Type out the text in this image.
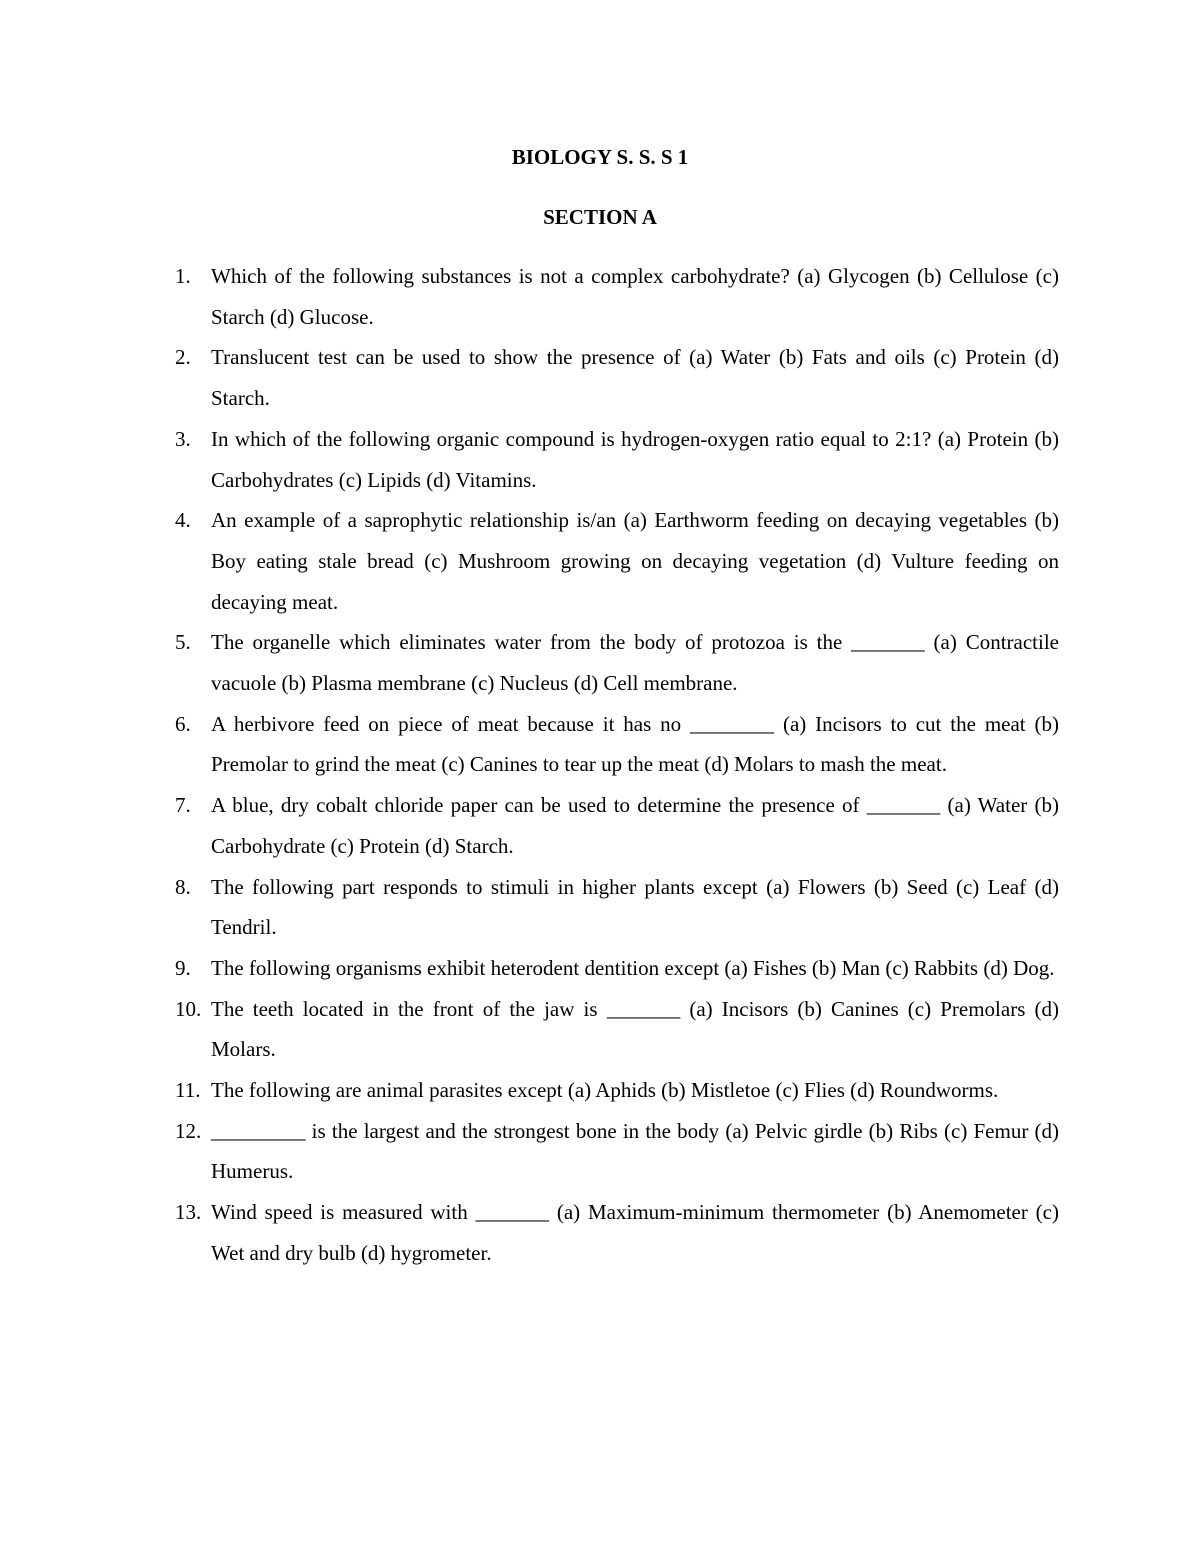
BIOLOGY S. S. S 1
SECTION A
1. Which of the following substances is not a complex carbohydrate? (a) Glycogen (b) Cellulose (c) Starch (d) Glucose.
2. Translucent test can be used to show the presence of (a) Water (b) Fats and oils (c) Protein (d) Starch.
3. In which of the following organic compound is hydrogen-oxygen ratio equal to 2:1? (a) Protein (b) Carbohydrates (c) Lipids (d) Vitamins.
4. An example of a saprophytic relationship is/an (a) Earthworm feeding on decaying vegetables (b) Boy eating stale bread (c) Mushroom growing on decaying vegetation (d) Vulture feeding on decaying meat.
5. The organelle which eliminates water from the body of protozoa is the _______ (a) Contractile vacuole (b) Plasma membrane (c) Nucleus (d) Cell membrane.
6. A herbivore feed on piece of meat because it has no ________ (a) Incisors to cut the meat (b) Premolar to grind the meat (c) Canines to tear up the meat (d) Molars to mash the meat.
7. A blue, dry cobalt chloride paper can be used to determine the presence of _______ (a) Water (b) Carbohydrate (c) Protein (d) Starch.
8. The following part responds to stimuli in higher plants except (a) Flowers (b) Seed (c) Leaf (d) Tendril.
9. The following organisms exhibit heterodent dentition except (a) Fishes (b) Man (c) Rabbits (d) Dog.
10. The teeth located in the front of the jaw is _______ (a) Incisors (b) Canines (c) Premolars (d) Molars.
11. The following are animal parasites except (a) Aphids (b) Mistletoe (c) Flies (d) Roundworms.
12. _________ is the largest and the strongest bone in the body (a) Pelvic girdle (b) Ribs (c) Femur (d) Humerus.
13. Wind speed is measured with _______ (a) Maximum-minimum thermometer (b) Anemometer (c) Wet and dry bulb (d) hygrometer.
